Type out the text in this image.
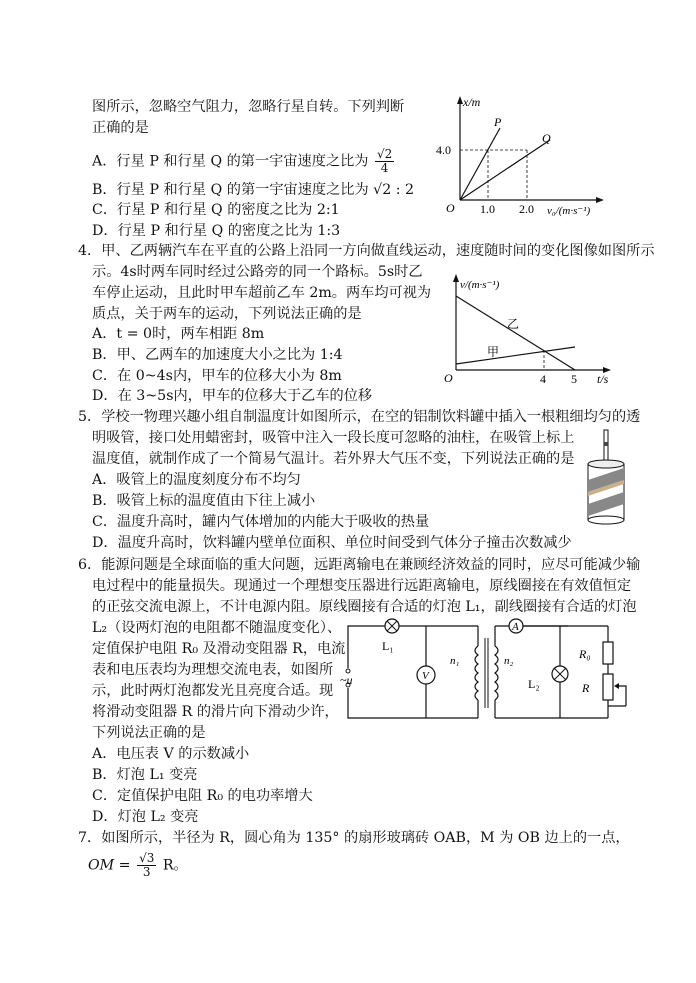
图所示，忽略空气阻力，忽略行星自转。下列判断
正确的是
A．行星 P 和行星 Q 的第一宇宙速度之比为 $\frac{√2}{4}$
B．行星 P 和行星 Q 的第一宇宙速度之比为 √2 : 2
C．行星 P 和行星 Q 的密度之比为 2:1
D．行星 P 和行星 Q 的密度之比为 1:3
x/m
4.0
O 1.0 2.0 v₀/(m·s⁻¹)
P
Q
4．甲、乙两辆汽车在平直的公路上沿同一方向做直线运动，速度随时间的变化图像如图所示
示。4s时两车同时经过公路旁的同一个路标。5s时乙
车停止运动，且此时甲车超前乙车 2m。两车均可视为
质点，关于两车的运动，下列说法正确的是
A．t = 0时，两车相距 8m
B．甲、乙两车的加速度大小之比为 1:4
C．在 0~4s内，甲车的位移大小为 8m
D．在 3~5s内，甲车的位移大于乙车的位移
v/(m·s⁻¹)
O	4 5 t/s
乙
甲
5．学校一物理兴趣小组自制温度计如图所示，在空的铝制饮料罐中插入一根粗细均匀的透
明吸管，接口处用蜡密封，吸管中注入一段长度可忽略的油柱，在吸管上标上
温度值，就制作成了一个简易气温计。若外界大气压不变，下列说法正确的是
A．吸管上的温度刻度分布不均匀
B．吸管上标的温度值由下往上减小
C．温度升高时，罐内气体增加的内能大于吸收的热量
D．温度升高时，饮料罐内壁单位面积、单位时间受到气体分子撞击次数减少
6．能源问题是全球面临的重大问题，远距离输电在兼顾经济效益的同时，应尽可能减少输
电过程中的能量损失。现通过一个理想变压器进行远距离输电，原线圈接在有效值恒定
的正弦交流电源上，不计电源内阻。原线圈接有合适的灯泡 L₁，副线圈接有合适的灯泡
L₂（设两灯泡的电阻都不随温度变化）、
定值保护电阻 R₀ 及滑动变阻器 R，电流
表和电压表均为理想交流电表，如图所
示，此时两灯泡都发光且亮度合适。现
将滑动变阻器 R 的滑片向下滑动少许，
下列说法正确的是
A．电压表 V 的示数减小
B．灯泡 L₁ 变亮
C．定值保护电阻 R₀ 的电功率增大
D．灯泡 L₂ 变亮
~u
L₁
V
n₁	n₂
A
L₂
R₀
R
7．如图所示，半径为 R，圆心角为 135° 的扇形玻璃砖 OAB，M 为 OB 边上的一点，
OM = $\frac{√3}{3}$ R。
